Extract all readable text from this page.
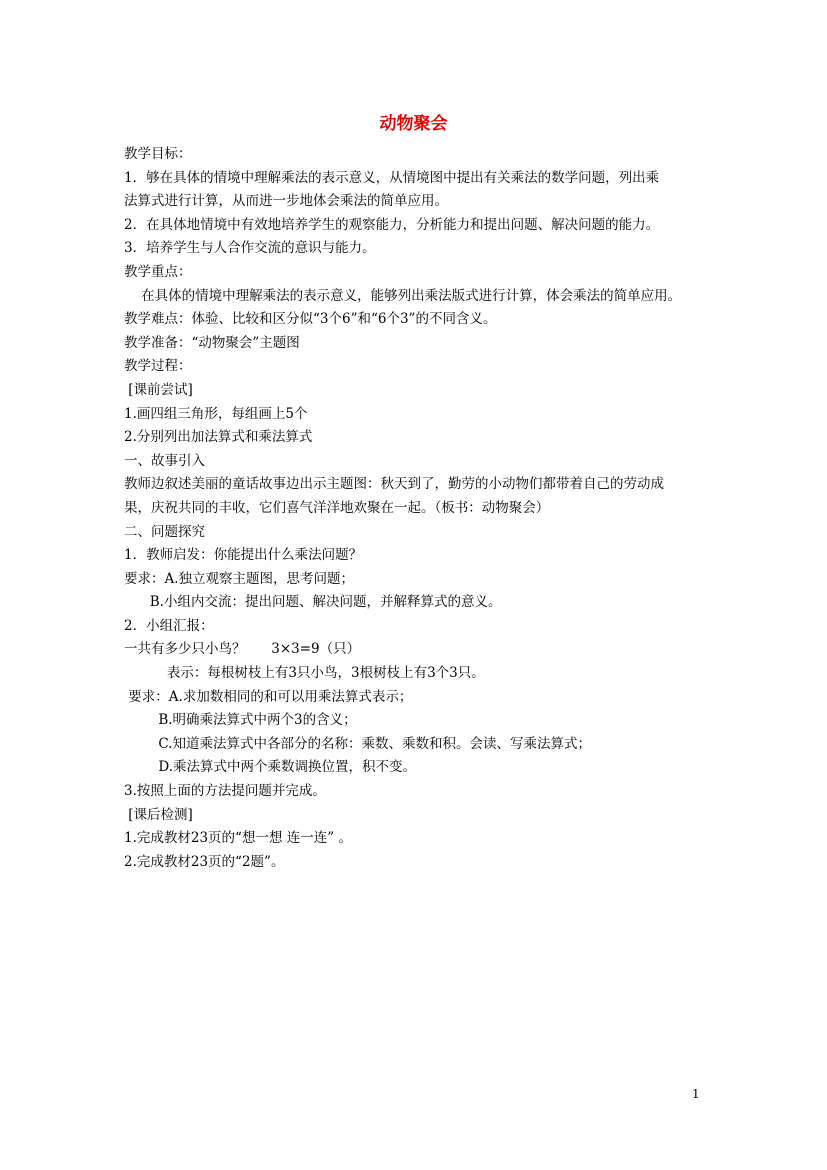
动物聚会

教学目标：

1．够在具体的情境中理解乘法的表示意义，从情境图中提出有关乘法的数学问题，列出乘

法算式进行计算，从而进一步地体会乘法的简单应用。

2．在具体地情境中有效地培养学生的观察能力，分析能力和提出问题、解决问题的能力。

3．培养学生与人合作交流的意识与能力。

教学重点：

在具体的情境中理解乘法的表示意义，能够列出乘法版式进行计算，体会乘法的简单应用。

教学难点：体验、比较和区分似“3个6”和“6个3”的不同含义。

教学准备：“动物聚会”主题图

教学过程：

[课前尝试]

1.画四组三角形，每组画上5个

2.分别列出加法算式和乘法算式

一、故事引入

教师边叙述美丽的童话故事边出示主题图：秋天到了，勤劳的小动物们都带着自己的劳动成

果，庆祝共同的丰收，它们喜气洋洋地欢聚在一起。（板书：动物聚会）

二、问题探究

1．教师启发：你能提出什么乘法问题？

要求：A.独立观察主题图，思考问题；

B.小组内交流：提出问题、解决问题，并解释算式的意义。

2．小组汇报：

一共有多少只小鸟？      3×3=9（只）

表示：每根树枝上有3只小鸟，3根树枝上有3个3只。

要求：A.求加数相同的和可以用乘法算式表示；

B.明确乘法算式中两个3的含义；

C.知道乘法算式中各部分的名称：乘数、乘数和积。会读、写乘法算式；

D.乘法算式中两个乘数调换位置，积不变。

3.按照上面的方法提问题并完成。

[课后检测]

1.完成教材23页的“想一想 连一连” 。

2.完成教材23页的“2题”。

1
